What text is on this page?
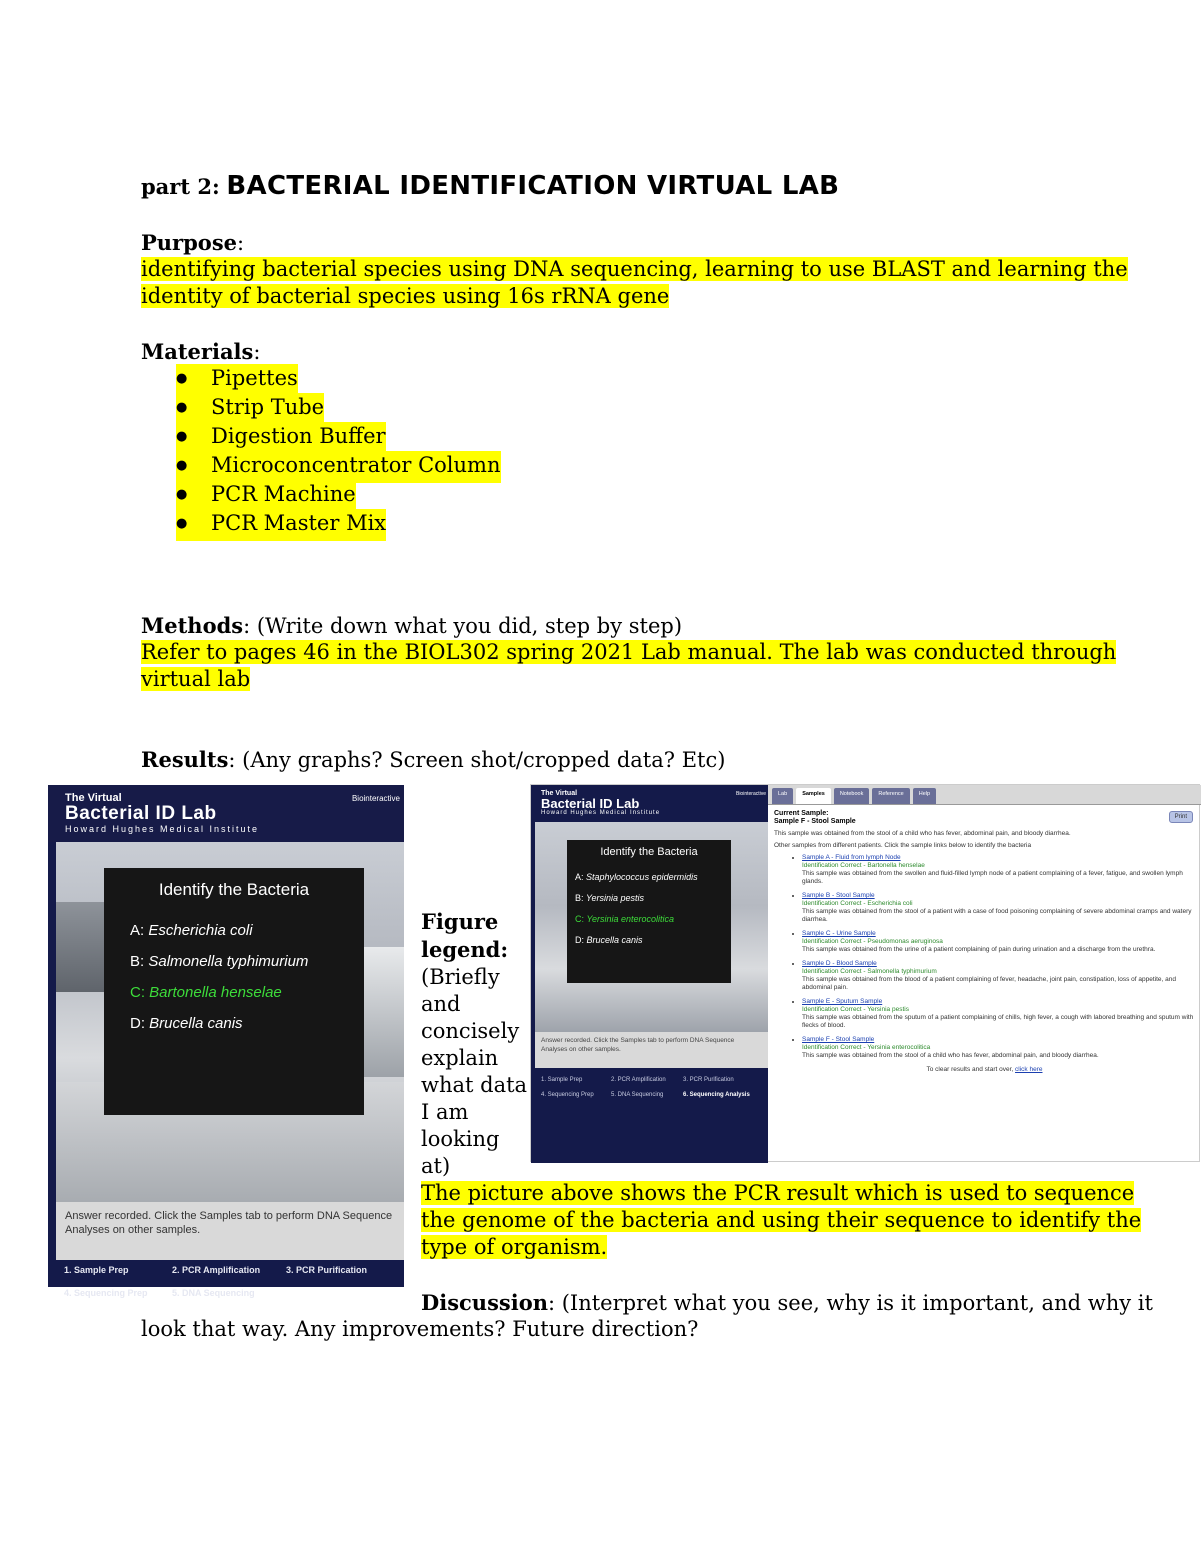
part 2: BACTERIAL IDENTIFICATION VIRTUAL LAB
Purpose:
identifying bacterial species using DNA sequencing, learning to use BLAST and learning the
identity of bacterial species using 16s rRNA gene
Materials:
●Pipettes
●Strip Tube
●Digestion Buffer
●Microconcentrator Column
●PCR Machine
●PCR Master Mix
Methods: (Write down what you did, step by step)
Refer to pages 46 in the BIOL302 spring 2021 Lab manual. The lab was conducted through
virtual lab
Results: (Any graphs? Screen shot/cropped data? Etc)
The Virtual
Bacterial ID Lab
Howard Hughes Medical Institute
Biointeractive
Identify the Bacteria
A: Escherichia coli
B: Salmonella typhimurium
C: Bartonella henselae
D: Brucella canis
Answer recorded. Click the Samples tab to perform DNA Sequence Analyses on other samples.
1. Sample Prep	2. PCR Amplification	3. PCR Purification
4. Sequencing Prep	5. DNA Sequencing	6. Sequencing Analysis
Figure
legend:
(Briefly
and
concisely
explain
what data
I am
looking
at)
The Virtual
Bacterial ID Lab
Howard Hughes Medical Institute
Biointeractive
Identify the Bacteria
A: Staphylococcus epidermidis
B: Yersinia pestis
C: Yersinia enterocolitica
D: Brucella canis
Answer recorded. Click the Samples tab to perform DNA Sequence Analyses on other samples.
1. Sample Prep	2. PCR Amplification	3. PCR Purification
4. Sequencing Prep	5. DNA Sequencing	6. Sequencing Analysis
Lab	Samples	Notebook	Reference	Help
Print
Current Sample:
Sample F - Stool Sample
This sample was obtained from the stool of a child who has fever, abdominal pain, and bloody diarrhea.
Other samples from different patients. Click the sample links below to identify the bacteria
• Sample A - Fluid from lymph Node
Identification Correct - Bartonella henselae
This sample was obtained from the swollen and fluid-filled lymph node of a patient complaining of a fever, fatigue, and swollen lymph glands.
• Sample B - Stool Sample
Identification Correct - Escherichia coli
This sample was obtained from the stool of a patient with a case of food poisoning complaining of severe abdominal cramps and watery diarrhea.
• Sample C - Urine Sample
Identification Correct - Pseudomonas aeruginosa
This sample was obtained from the urine of a patient complaining of pain during urination and a discharge from the urethra.
• Sample D - Blood Sample
Identification Correct - Salmonella typhimurium
This sample was obtained from the blood of a patient complaining of fever, headache, joint pain, constipation, loss of appetite, and abdominal pain.
• Sample E - Sputum Sample
Identification Correct - Yersinia pestis
This sample was obtained from the sputum of a patient complaining of chills, high fever, a cough with labored breathing and sputum with flecks of blood.
• Sample F - Stool Sample
Identification Correct - Yersinia enterocolitica
This sample was obtained from the stool of a child who has fever, abdominal pain, and bloody diarrhea.
To clear results and start over, click here
The picture above shows the PCR result which is used to sequence
the genome of the bacteria and using their sequence to identify the
type of organism.
Discussion: (Interpret what you see, why is it important, and why it
look that way. Any improvements? Future direction?
